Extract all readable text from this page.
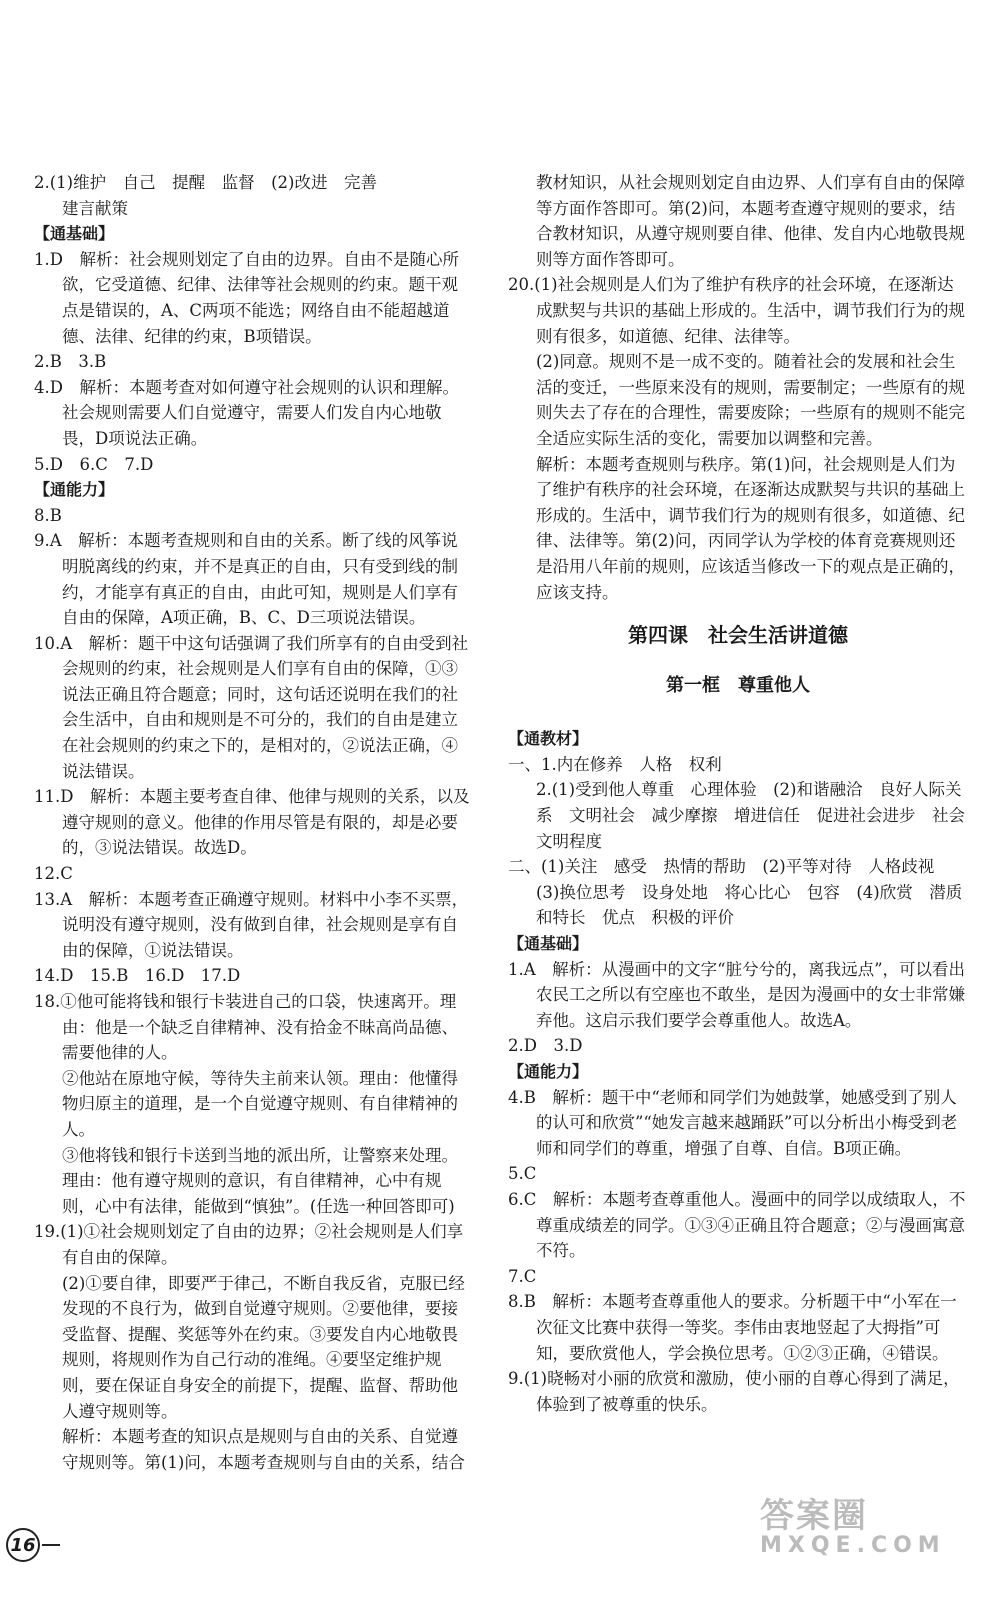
2.(1)维护　自己　提醒　监督　(2)改进　完善

建言献策

【通基础】

1.D　解析：社会规则划定了自由的边界。自由不是随心所欲，它受道德、纪律、法律等社会规则的约束。题干观点是错误的，A、C两项不能选；网络自由不能超越道德、法律、纪律的约束，B项错误。

2.B　3.B

4.D　解析：本题考查对如何遵守社会规则的认识和理解。社会规则需要人们自觉遵守，需要人们发自内心地敬畏，D项说法正确。

5.D　6.C　7.D

【通能力】

8.B

9.A　解析：本题考查规则和自由的关系。断了线的风筝说明脱离线的约束，并不是真正的自由，只有受到线的制约，才能享有真正的自由，由此可知，规则是人们享有自由的保障，A项正确，B、C、D三项说法错误。

10.A　解析：题干中这句话强调了我们所享有的自由受到社会规则的约束，社会规则是人们享有自由的保障，①③说法正确且符合题意；同时，这句话还说明在我们的社会生活中，自由和规则是不可分的，我们的自由是建立在社会规则的约束之下的，是相对的，②说法正确，④说法错误。

11.D　解析：本题主要考查自律、他律与规则的关系，以及遵守规则的意义。他律的作用尽管是有限的，却是必要的，③说法错误。故选D。

12.C

13.A　解析：本题考查正确遵守规则。材料中小李不买票，说明没有遵守规则，没有做到自律，社会规则是享有自由的保障，①说法错误。

14.D　15.B　16.D　17.D

18.①他可能将钱和银行卡装进自己的口袋，快速离开。理由：他是一个缺乏自律精神、没有拾金不昧高尚品德、需要他律的人。

②他站在原地守候，等待失主前来认领。理由：他懂得物归原主的道理，是一个自觉遵守规则、有自律精神的人。

③他将钱和银行卡送到当地的派出所，让警察来处理。理由：他有遵守规则的意识，有自律精神，心中有规则，心中有法律，能做到“慎独”。(任选一种回答即可)

19.(1)①社会规则划定了自由的边界；②社会规则是人们享有自由的保障。

(2)①要自律，即要严于律己，不断自我反省，克服已经发现的不良行为，做到自觉遵守规则。②要他律，要接受监督、提醒、奖惩等外在约束。③要发自内心地敬畏规则，将规则作为自己行动的准绳。④要坚定维护规则，要在保证自身安全的前提下，提醒、监督、帮助他人遵守规则等。

解析：本题考查的知识点是规则与自由的关系、自觉遵守规则等。第(1)问，本题考查规则与自由的关系，结合

教材知识，从社会规则划定自由边界、人们享有自由的保障等方面作答即可。第(2)问，本题考查遵守规则的要求，结合教材知识，从遵守规则要自律、他律、发自内心地敬畏规则等方面作答即可。

20.(1)社会规则是人们为了维护有秩序的社会环境，在逐渐达成默契与共识的基础上形成的。生活中，调节我们行为的规则有很多，如道德、纪律、法律等。

(2)同意。规则不是一成不变的。随着社会的发展和社会生活的变迁，一些原来没有的规则，需要制定；一些原有的规则失去了存在的合理性，需要废除；一些原有的规则不能完全适应实际生活的变化，需要加以调整和完善。

解析：本题考查规则与秩序。第(1)问，社会规则是人们为了维护有秩序的社会环境，在逐渐达成默契与共识的基础上形成的。生活中，调节我们行为的规则有很多，如道德、纪律、法律等。第(2)问，丙同学认为学校的体育竞赛规则还是沿用八年前的规则，应该适当修改一下的观点是正确的，应该支持。

第四课　社会生活讲道德
第一框　尊重他人

【通教材】

一、1.内在修养　人格　权利

2.(1)受到他人尊重　心理体验　(2)和谐融洽　良好人际关系　文明社会　减少摩擦　增进信任　促进社会进步　社会文明程度

二、(1)关注　感受　热情的帮助　(2)平等对待　人格歧视　(3)换位思考　设身处地　将心比心　包容　(4)欣赏　潜质和特长　优点　积极的评价

【通基础】

1.A　解析：从漫画中的文字“脏兮兮的，离我远点”，可以看出农民工之所以有空座也不敢坐，是因为漫画中的女士非常嫌弃他。这启示我们要学会尊重他人。故选A。

2.D　3.D

【通能力】

4.B　解析：题干中“老师和同学们为她鼓掌，她感受到了别人的认可和欣赏”“她发言越来越踊跃”可以分析出小梅受到老师和同学们的尊重，增强了自尊、自信。B项正确。

5.C

6.C　解析：本题考查尊重他人。漫画中的同学以成绩取人，不尊重成绩差的同学。①③④正确且符合题意；②与漫画寓意不符。

7.C

8.B　解析：本题考查尊重他人的要求。分析题干中“小军在一次征文比赛中获得一等奖。李伟由衷地竖起了大拇指”可知，要欣赏他人，学会换位思考。①②③正确，④错误。

9.(1)晓畅对小丽的欣赏和激励，使小丽的自尊心得到了满足，体验到了被尊重的快乐。

16
答案圈
MXQE.COM
